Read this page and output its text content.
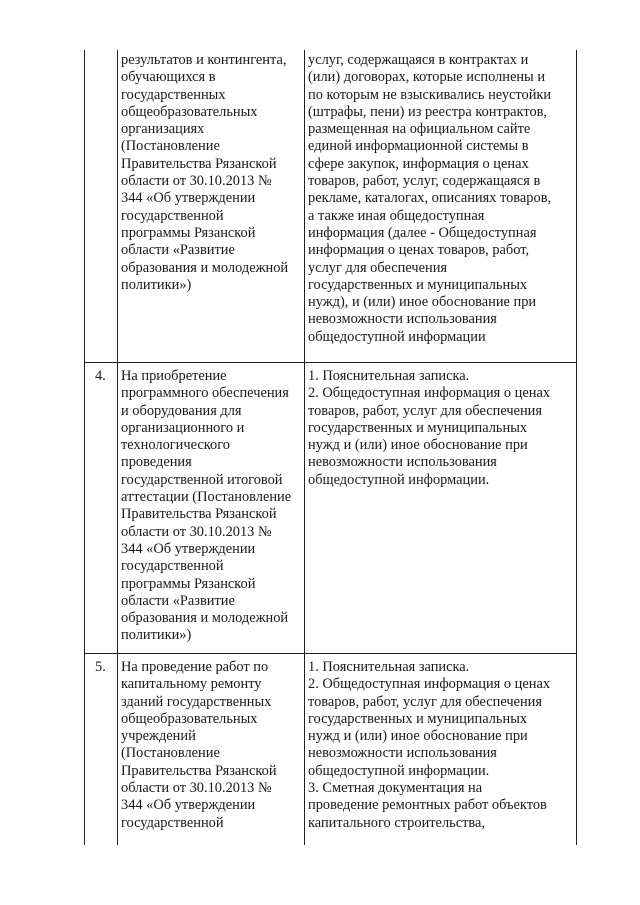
результатов и контингента,
обучающихся в
государственных
общеобразовательных
организациях
(Постановление
Правительства Рязанской
области от 30.10.2013 №
344 «Об утверждении
государственной
программы Рязанской
области «Развитие
образования и молодежной
политики»)
услуг, содержащаяся в контрактах и
(или) договорах, которые исполнены и
по которым не взыскивались неустойки
(штрафы, пени) из реестра контрактов,
размещенная на официальном сайте
единой информационной системы в
сфере закупок, информация о ценах
товаров, работ, услуг, содержащаяся в
рекламе, каталогах, описаниях товаров,
а также иная общедоступная
информация (далее - Общедоступная
информация о ценах товаров, работ,
услуг для обеспечения
государственных и муниципальных
нужд), и (или) иное обоснование при
невозможности использования
общедоступной информации
4. На приобретение
программного обеспечения
и оборудования для
организационного и
технологического
проведения
государственной итоговой
аттестации (Постановление
Правительства Рязанской
области от 30.10.2013 №
344 «Об утверждении
государственной
программы Рязанской
области «Развитие
образования и молодежной
политики»)
1. Пояснительная записка.
2. Общедоступная информация о ценах
товаров, работ, услуг для обеспечения
государственных и муниципальных
нужд и (или) иное обоснование при
невозможности использования
общедоступной информации.
5. На проведение работ по
капитальному ремонту
зданий государственных
общеобразовательных
учреждений
(Постановление
Правительства Рязанской
области от 30.10.2013 №
344 «Об утверждении
государственной
1. Пояснительная записка.
2. Общедоступная информация о ценах
товаров, работ, услуг для обеспечения
государственных и муниципальных
нужд и (или) иное обоснование при
невозможности использования
общедоступной информации.
3. Сметная документация на
проведение ремонтных работ объектов
капитального строительства,
